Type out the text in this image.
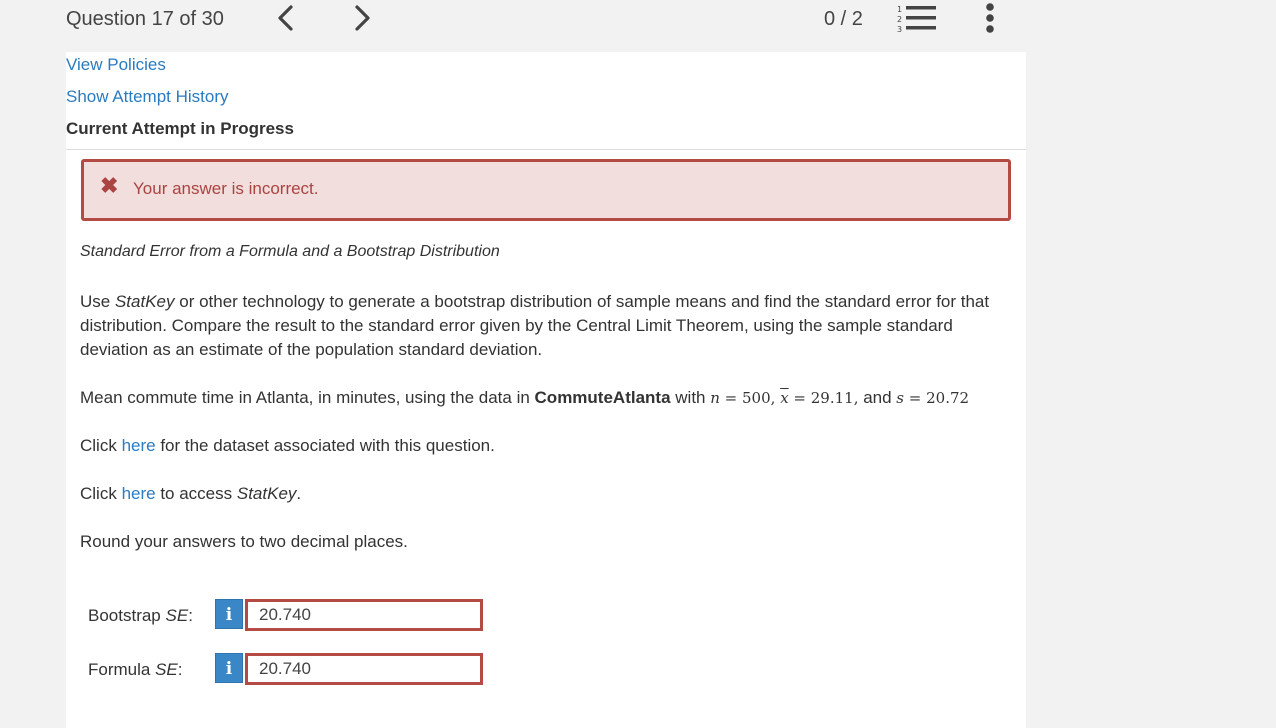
Question 17 of 30	0 / 2	1
2
3
View Policies
Show Attempt History
Current Attempt in Progress
✖ Your answer is incorrect.
Standard Error from a Formula and a Bootstrap Distribution
Use StatKey or other technology to generate a bootstrap distribution of sample means and find the standard error for that distribution. Compare the result to the standard error given by the Central Limit Theorem, using the sample standard deviation as an estimate of the population standard deviation.
Mean commute time in Atlanta, in minutes, using the data in CommuteAtlanta with n = 500, $\overline{x} = 29.11$, and s = 20.72
Click here for the dataset associated with this question.
Click here to access StatKey.
Round your answers to two decimal places.
Bootstrap SE:	i
20.740
Formula SE:	i
20.740
